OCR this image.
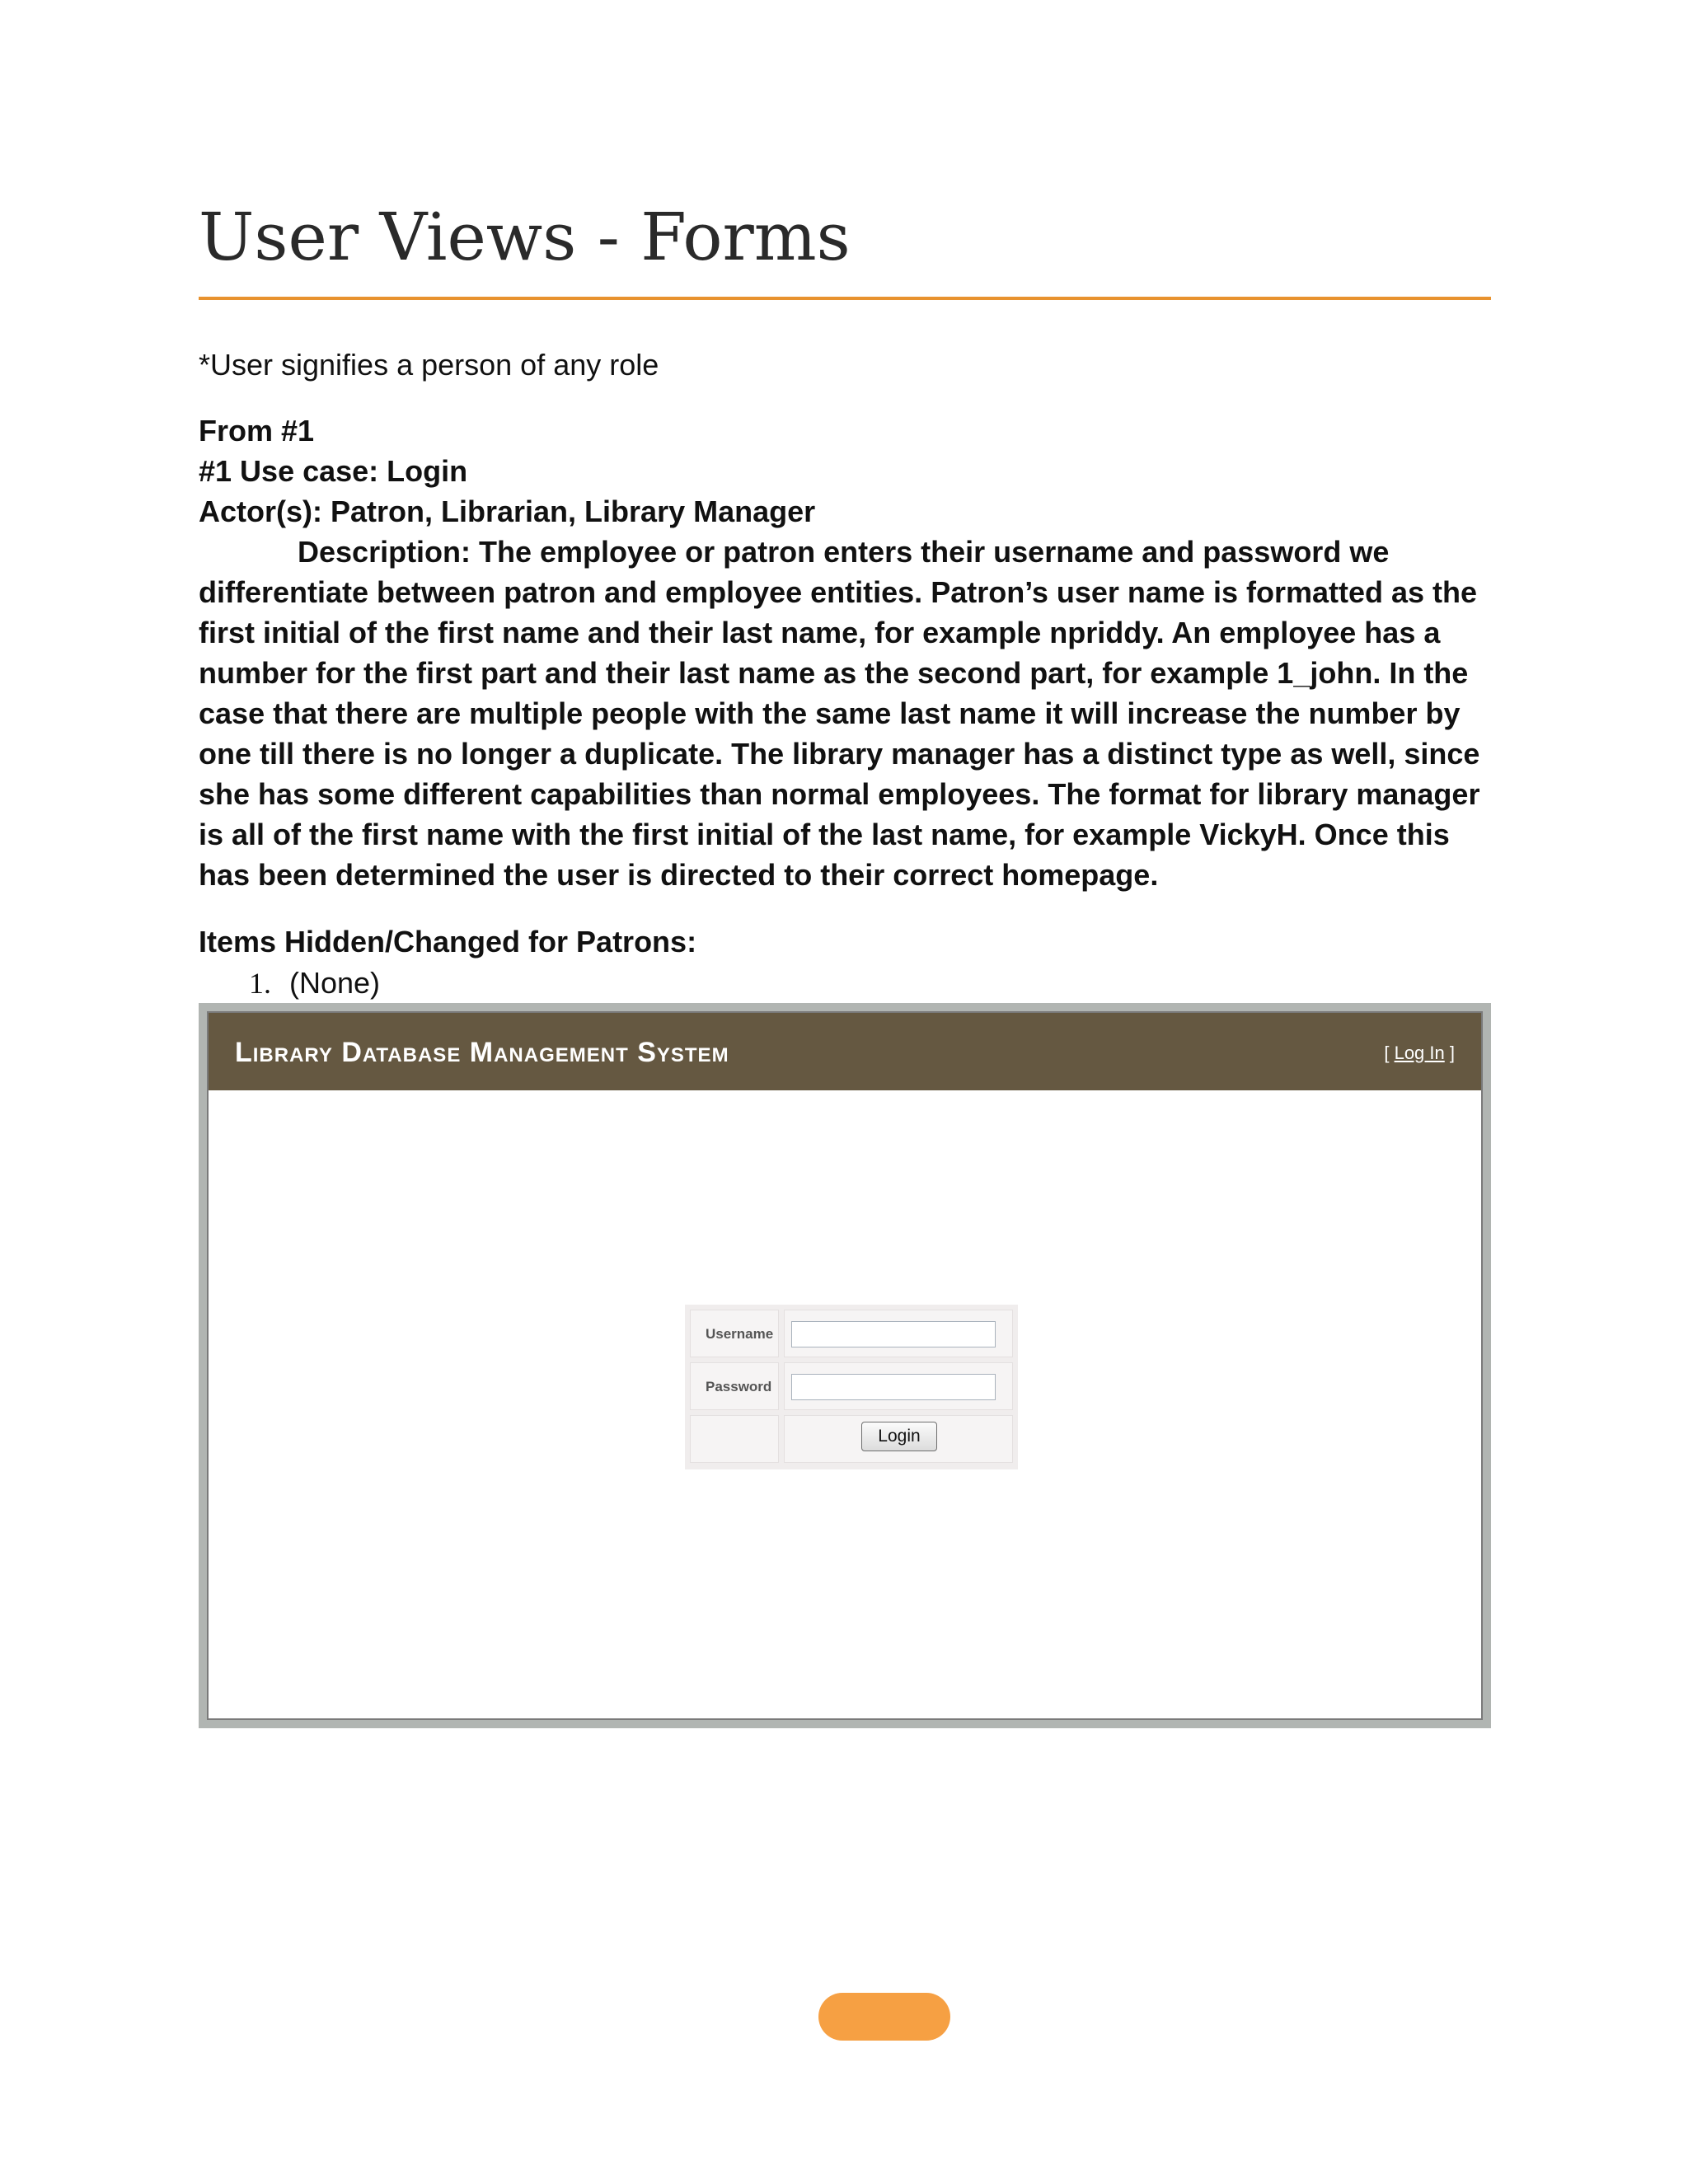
User Views - Forms

*User signifies a person of any role

From #1

#1 Use case: Login

Actor(s): Patron, Librarian, Library Manager

Description: The employee or patron enters their username and password we differentiate between patron and employee entities. Patron’s user name is formatted as the first initial of the first name and their last name, for example npriddy. An employee has a number for the first part and their last name as the second part, for example 1_john. In the case that there are multiple people with the same last name it will increase the number by one till there is no longer a duplicate. The library manager has a distinct type as well, since she has some different capabilities than normal employees. The format for library manager is all of the first name with the first initial of the last name, for example VickyH. Once this has been determined the user is directed to their correct homepage.

Items Hidden/Changed for Patrons:

1. (None)
Library Database Management System	[ Log In ]
Username
Password
Login
